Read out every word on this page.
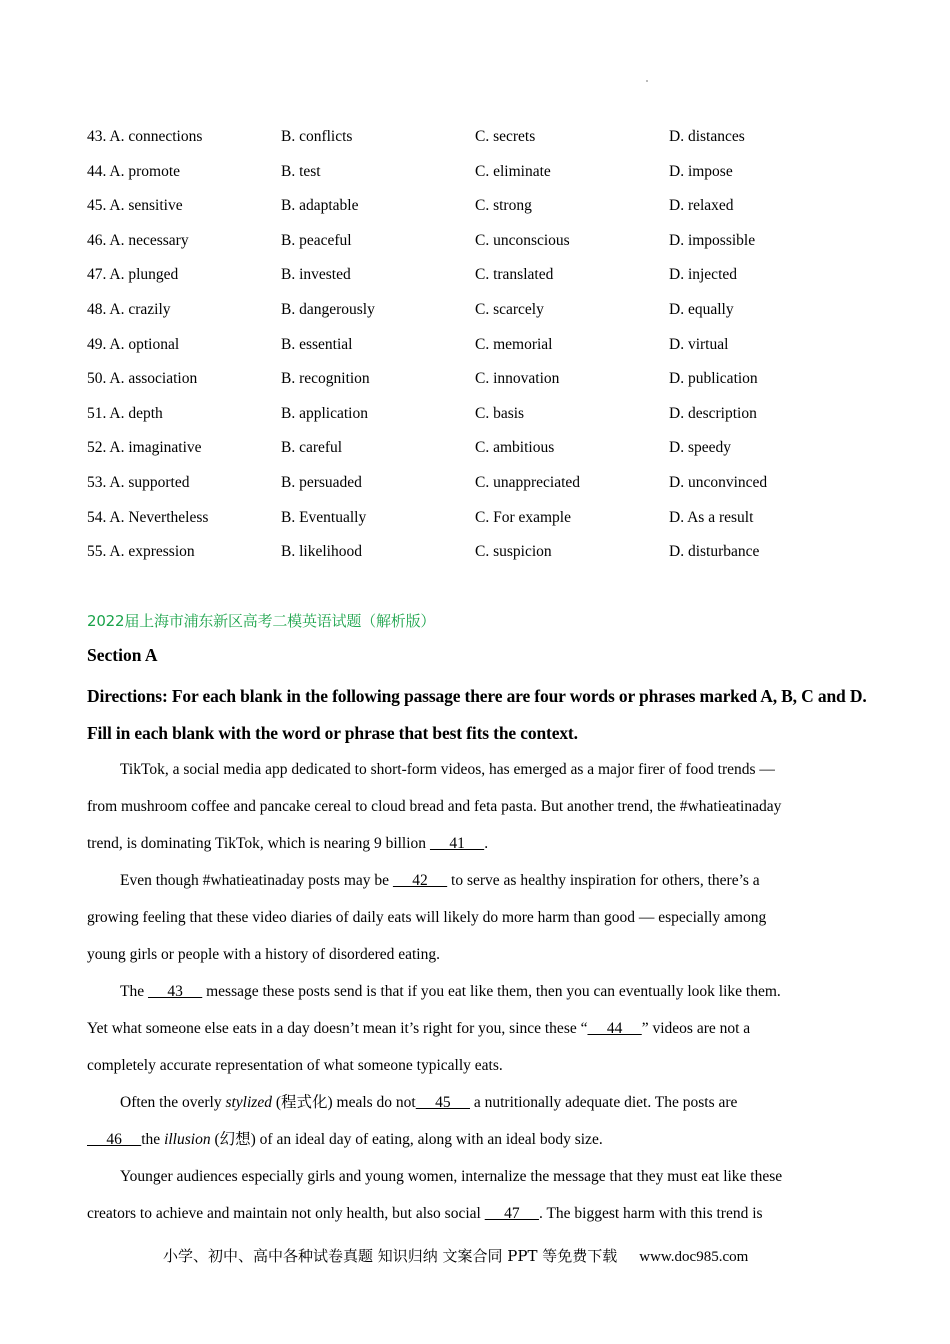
43. A. connections	B. conflicts	C. secrets	D. distances
44. A. promote	B. test	C. eliminate	D. impose
45. A. sensitive	B. adaptable	C. strong	D. relaxed
46. A. necessary	B. peaceful	C. unconscious	D. impossible
47. A. plunged	B. invested	C. translated	D. injected
48. A. crazily	B. dangerously	C. scarcely	D. equally
49. A. optional	B. essential	C. memorial	D. virtual
50. A. association	B. recognition	C. innovation	D. publication
51. A. depth	B. application	C. basis	D. description
52. A. imaginative	B. careful	C. ambitious	D. speedy
53. A. supported	B. persuaded	C. unappreciated	D. unconvinced
54. A. Nevertheless	B. Eventually	C. For example	D. As a result
55. A. expression	B. likelihood	C. suspicion	D. disturbance
2022届上海市浦东新区高考二模英语试题（解析版）
Section A
Directions: For each blank in the following passage there are four words or phrases marked A, B, C and D. Fill in each blank with the word or phrase that best fits the context.

TikTok, a social media app dedicated to short-form videos, has emerged as a major firer of food trends —
from mushroom coffee and pancake cereal to cloud bread and feta pasta. But another trend, the #whatieatinaday
trend, is dominating TikTok, which is nearing 9 billion      41     .

Even though #whatieatinaday posts may be      42      to serve as healthy inspiration for others, there’s a
growing feeling that these video diaries of daily eats will likely do more harm than good — especially among
young girls or people with a history of disordered eating.

The      43      message these posts send is that if you eat like them, then you can eventually look like them.
Yet what someone else eats in a day doesn’t mean it’s right for you, since these “     44     ” videos are not a
completely accurate representation of what someone typically eats.

Often the overly stylized (程式化) meals do not     45      a nutritionally adequate diet. The posts are
46     the illusion (幻想) of an ideal day of eating, along with an ideal body size.

Younger audiences especially girls and young women, internalize the message that they must eat like these
creators to achieve and maintain not only health, but also social      47     . The biggest harm with this trend is

小学、初中、高中各种试卷真题 知识归纳 文案合同 PPT 等免费下载 www.doc985.com
